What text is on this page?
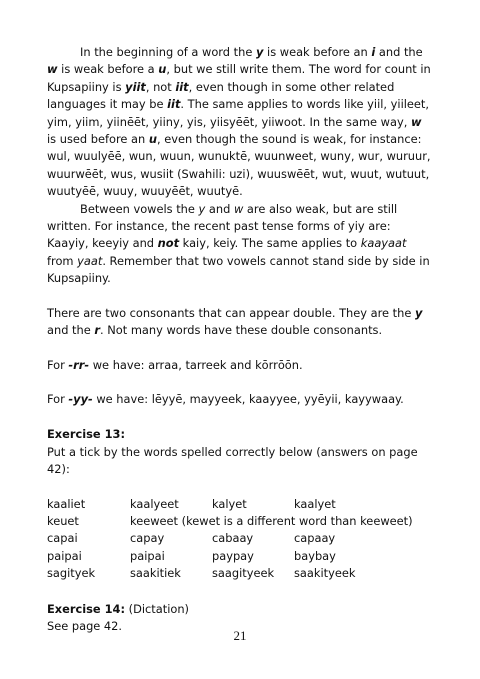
In the beginning of a word the y is weak before an i and the w is weak before a u, but we still write them. The word for count in Kupsapiiny is yiit, not iit, even though in some other related languages it may be iit. The same applies to words like yiil, yiileet, yim, yiim, yiinēēt, yiiny, yis, yiisyēēt, yiiwoot. In the same way, w is used before an u, even though the sound is weak, for instance: wul, wuulyēē, wun, wuun, wunuktē, wuunweet, wuny, wur, wuruur, wuurwēēt, wus, wusiit (Swahili: uzi), wuuswēēt, wut, wuut, wutuut, wuutyēē, wuuy, wuuyēēt, wuutyē.

Between vowels the y and w are also weak, but are still written. For instance, the recent past tense forms of yiy are: Kaayiy, keeyiy and not kaiy, keiy. The same applies to kaayaat from yaat. Remember that two vowels cannot stand side by side in Kupsapiiny.

There are two consonants that can appear double. They are the y and the r. Not many words have these double consonants.

For -rr- we have: arraa, tarreek and kōrrōōn.

For -yy- we have: lēyyē, mayyeek, kaayyee, yyēyii, kayywaay.

Exercise 13:

Put a tick by the words spelled correctly below (answers on page 42):

kaaliet	kaalyeet	kalyet	kaalyet
keuet	keeweet (kewet is a different word than keeweet)		
capai	capay	cabaay	capaay
paipai	paipai	paypay	baybay
sagityek	saakitiek	saagityeek	saakityeek

Exercise 14: (Dictation)

See page 42.

21
